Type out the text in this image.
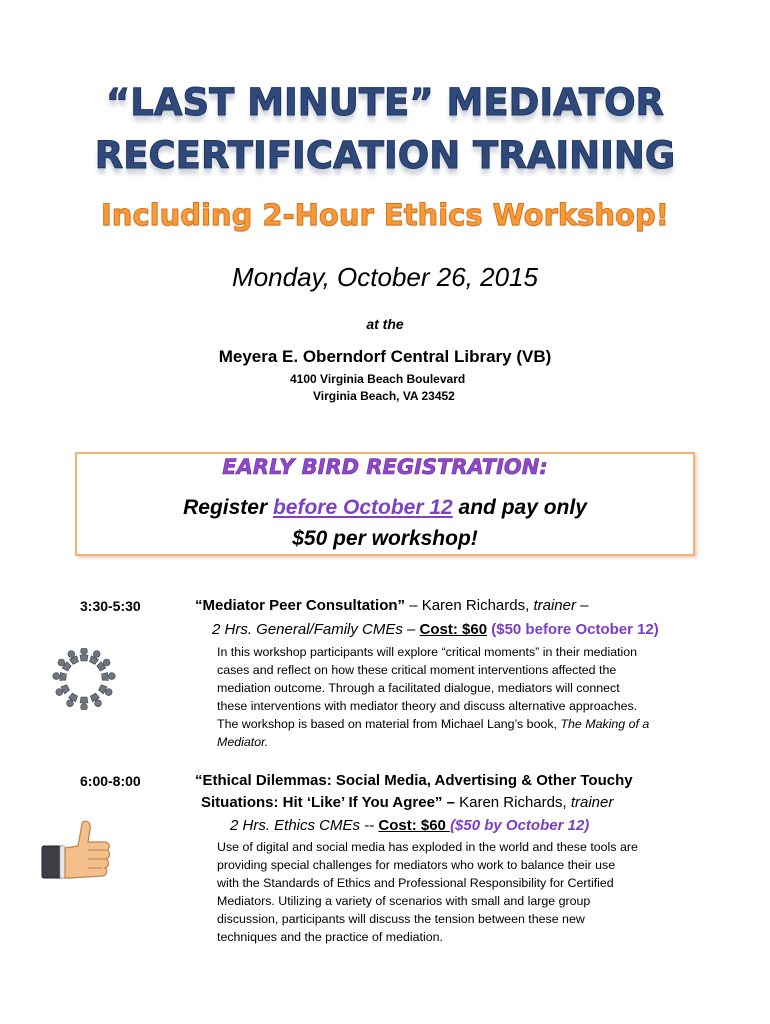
“LAST MINUTE” MEDIATOR
RECERTIFICATION TRAINING
Including 2-Hour Ethics Workshop!
Monday, October 26, 2015
at the
Meyera E. Oberndorf Central Library (VB)
4100 Virginia Beach Boulevard
Virginia Beach, VA 23452
EARLY BIRD REGISTRATION:
Register before October 12 and pay only
$50 per workshop!
3:30-5:30	“Mediator Peer Consultation” – Karen Richards, trainer –
2 Hrs. General/Family CMEs – Cost: $60 ($50 before October 12)
In this workshop participants will explore “critical moments” in their mediation
cases and reflect on how these critical moment interventions affected the
mediation outcome. Through a facilitated dialogue, mediators will connect
these interventions with mediator theory and discuss alternative approaches.
The workshop is based on material from Michael Lang’s book, The Making of a
Mediator.
6:00-8:00	“Ethical Dilemmas: Social Media, Advertising & Other Touchy
Situations: Hit ‘Like’ If You Agree” – Karen Richards, trainer
2 Hrs. Ethics CMEs -- Cost: $60 ($50 by October 12)
Use of digital and social media has exploded in the world and these tools are
providing special challenges for mediators who work to balance their use
with the Standards of Ethics and Professional Responsibility for Certified
Mediators. Utilizing a variety of scenarios with small and large group
discussion, participants will discuss the tension between these new
techniques and the practice of mediation.
